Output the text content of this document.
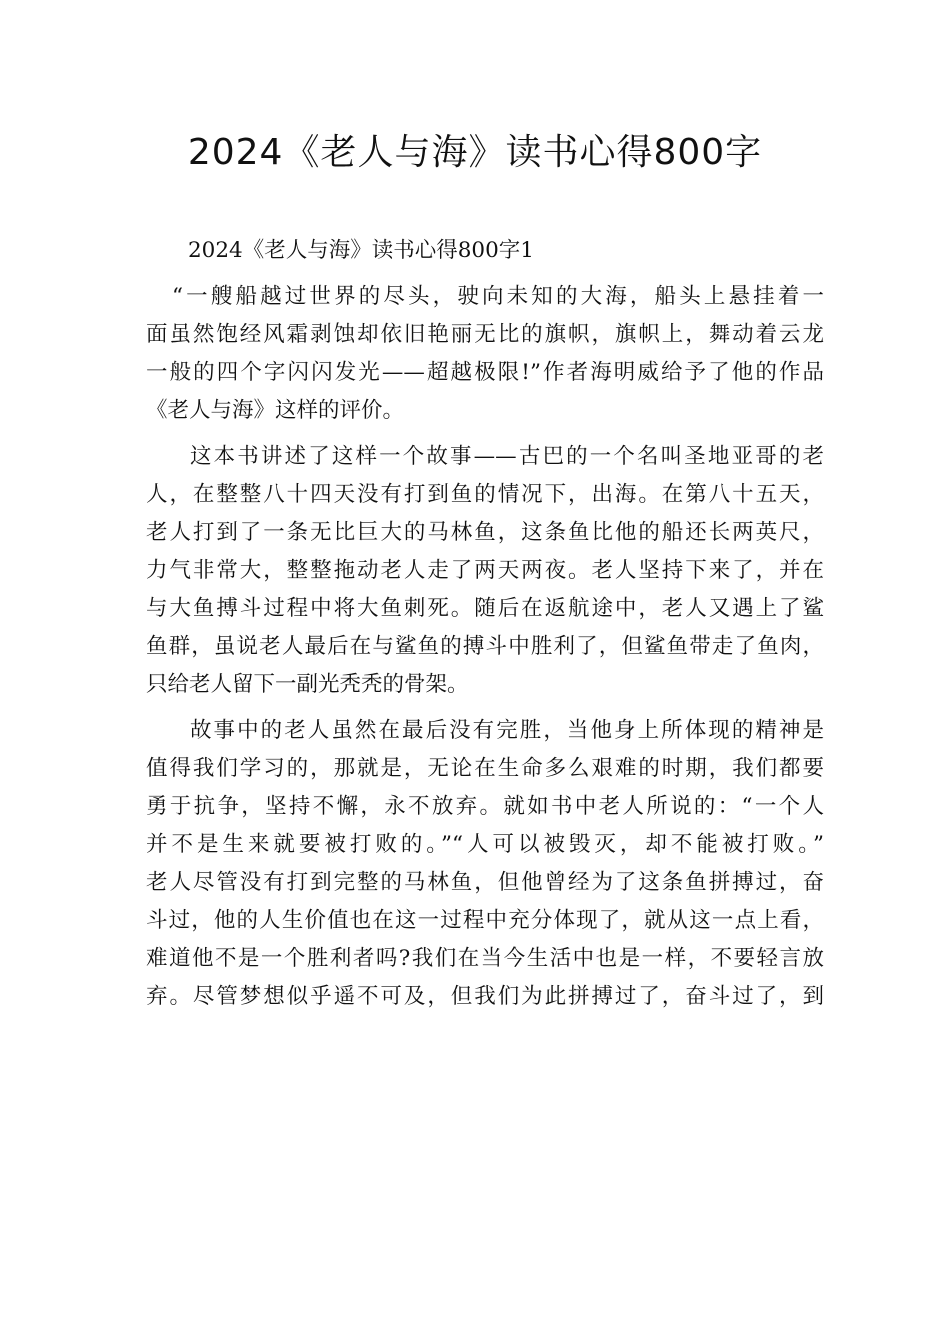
2024《老人与海》读书心得800字
2024《老人与海》读书心得800字1
“一艘船越过世界的尽头，驶向未知的大海，船头上悬挂着一
面虽然饱经风霜剥蚀却依旧艳丽无比的旗帜，旗帜上，舞动着云龙
一般的四个字闪闪发光——超越极限!”作者海明威给予了他的作品
《老人与海》这样的评价。
这本书讲述了这样一个故事——古巴的一个名叫圣地亚哥的老
人，在整整八十四天没有打到鱼的情况下，出海。在第八十五天，
老人打到了一条无比巨大的马林鱼，这条鱼比他的船还长两英尺，
力气非常大，整整拖动老人走了两天两夜。老人坚持下来了，并在
与大鱼搏斗过程中将大鱼刺死。随后在返航途中，老人又遇上了鲨
鱼群，虽说老人最后在与鲨鱼的搏斗中胜利了，但鲨鱼带走了鱼肉，
只给老人留下一副光秃秃的骨架。
故事中的老人虽然在最后没有完胜，当他身上所体现的精神是
值得我们学习的，那就是，无论在生命多么艰难的时期，我们都要
勇于抗争，坚持不懈，永不放弃。就如书中老人所说的：“一个人
并不是生来就要被打败的。”“人可以被毁灭，却不能被打败。”
老人尽管没有打到完整的马林鱼，但他曾经为了这条鱼拼搏过，奋
斗过，他的人生价值也在这一过程中充分体现了，就从这一点上看，
难道他不是一个胜利者吗?我们在当今生活中也是一样，不要轻言放
弃。尽管梦想似乎遥不可及，但我们为此拼搏过了，奋斗过了，到
